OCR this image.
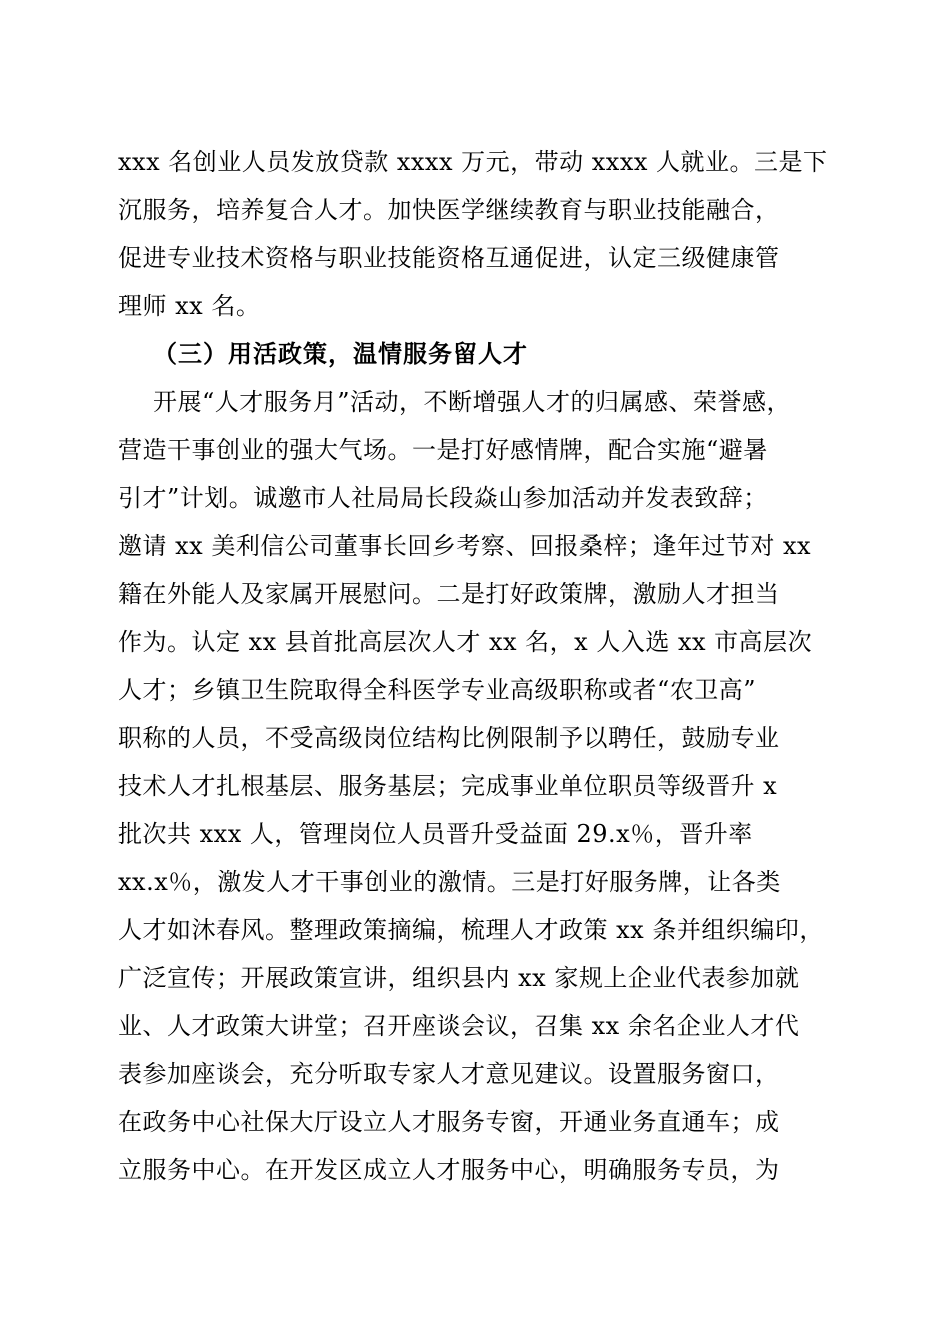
xxx 名创业人员发放贷款 xxxx 万元，带动 xxxx 人就业。三是下
沉服务，培养复合人才。加快医学继续教育与职业技能融合，
促进专业技术资格与职业技能资格互通促进，认定三级健康管
理师 xx 名。
（三）用活政策，温情服务留人才
开展“人才服务月”活动，不断增强人才的归属感、荣誉感，
营造干事创业的强大气场。一是打好感情牌，配合实施“避暑
引才”计划。诚邀市人社局局长段焱山参加活动并发表致辞；
邀请 xx 美利信公司董事长回乡考察、回报桑梓；逢年过节对 xx
籍在外能人及家属开展慰问。二是打好政策牌，激励人才担当
作为。认定 xx 县首批高层次人才 xx 名，x 人入选 xx 市高层次
人才；乡镇卫生院取得全科医学专业高级职称或者“农卫高”
职称的人员，不受高级岗位结构比例限制予以聘任，鼓励专业
技术人才扎根基层、服务基层；完成事业单位职员等级晋升 x
批次共 xxx 人，管理岗位人员晋升受益面 29.x％，晋升率
xx.x％，激发人才干事创业的激情。三是打好服务牌，让各类
人才如沐春风。整理政策摘编，梳理人才政策 xx 条并组织编印，
广泛宣传；开展政策宣讲，组织县内 xx 家规上企业代表参加就
业、人才政策大讲堂；召开座谈会议，召集 xx 余名企业人才代
表参加座谈会，充分听取专家人才意见建议。设置服务窗口，
在政务中心社保大厅设立人才服务专窗，开通业务直通车；成
立服务中心。在开发区成立人才服务中心，明确服务专员，为
